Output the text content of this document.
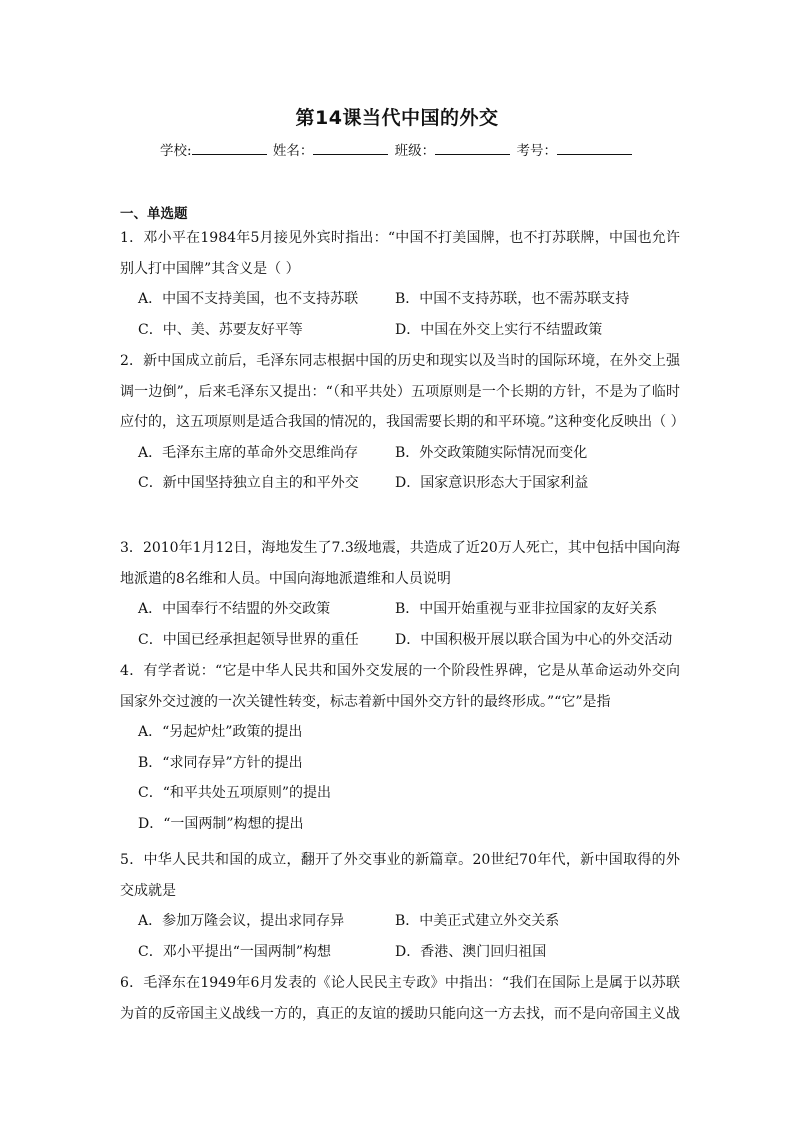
第14课当代中国的外交
学校:	姓名：	班级：	考号：
一、单选题
1．邓小平在1984年5月接见外宾时指出：“中国不打美国牌，也不打苏联牌，中国也允许别人打中国牌”其含义是（ ）
A．中国不支持美国，也不支持苏联	B．中国不支持苏联，也不需苏联支持
C．中、美、苏要友好平等	D．中国在外交上实行不结盟政策
2．新中国成立前后，毛泽东同志根据中国的历史和现实以及当时的国际环境，在外交上强调一边倒”，后来毛泽东又提出：“（和平共处）五项原则是一个长期的方针，不是为了临时应付的，这五项原则是适合我国的情况的，我国需要长期的和平环境。”这种变化反映出（ ）
A．毛泽东主席的革命外交思维尚存	B．外交政策随实际情况而变化
C．新中国坚持独立自主的和平外交	D．国家意识形态大于国家利益
3．2010年1月12日，海地发生了7.3级地震，共造成了近20万人死亡，其中包括中国向海地派遣的8名维和人员。中国向海地派遣维和人员说明
A．中国奉行不结盟的外交政策	B．中国开始重视与亚非拉国家的友好关系
C．中国已经承担起领导世界的重任	D．中国积极开展以联合国为中心的外交活动
4．有学者说：“它是中华人民共和国外交发展的一个阶段性界碑，它是从革命运动外交向国家外交过渡的一次关键性转变，标志着新中国外交方针的最终形成。”“它”是指
A．“另起炉灶”政策的提出
B．“求同存异”方针的提出
C．“和平共处五项原则”的提出
D．“一国两制”构想的提出
5．中华人民共和国的成立，翻开了外交事业的新篇章。20世纪70年代，新中国取得的外交成就是
A．参加万隆会议，提出求同存异	B．中美正式建立外交关系
C．邓小平提出“一国两制”构想	D．香港、澳门回归祖国
6．毛泽东在1949年6月发表的《论人民民主专政》中指出：“我们在国际上是属于以苏联为首的反帝国主义战线一方的，真正的友谊的援助只能向这一方去找，而不是向帝国主义战
